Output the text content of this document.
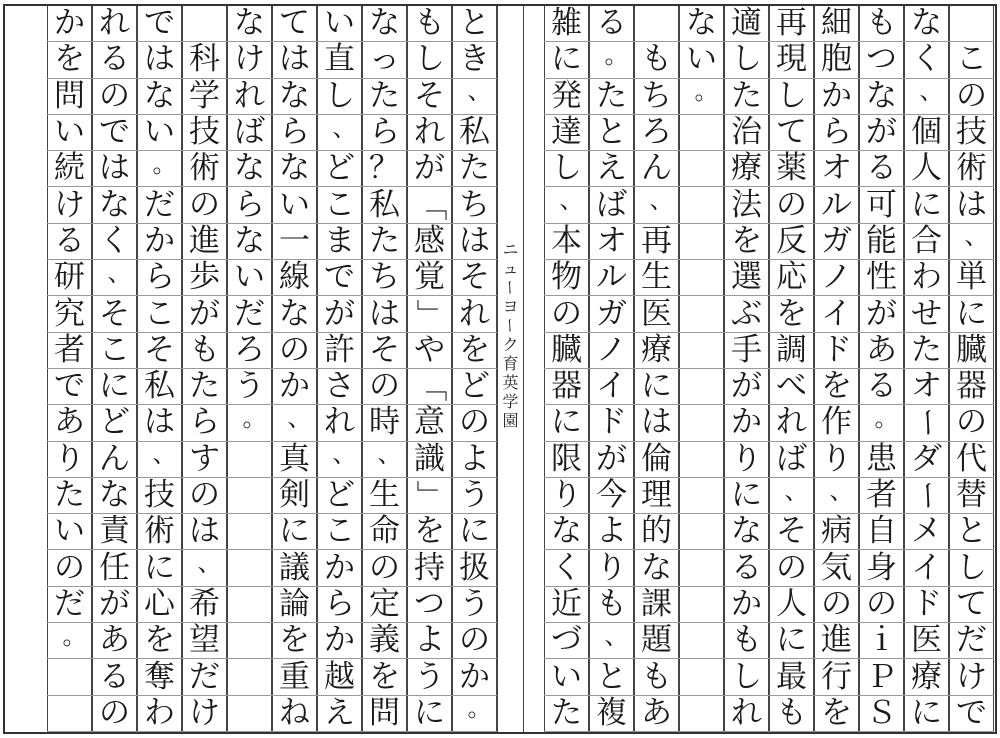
ニ
ュ
ー
ヨ
ー
ク
育
英
学
園
こ
の
技
術
は
、
単
に
臓
器
の
代
替
と
し
て
だ
け
で
な
く
、
個
人
に
合
わ
せ
た
オ
ー
ダ
ー
メ
イ
ド
医
療
に
も
つ
な
が
る
可
能
性
が
あ
る
。
患
者
自
身
の
ｉ
Ｐ
Ｓ
細
胞
か
ら
オ
ル
ガ
ノ
イ
ド
を
作
り
、
病
気
の
進
行
を
再
現
し
て
薬
の
反
応
を
調
べ
れ
ば
、
そ
の
人
に
最
も
適
し
た
治
療
法
を
選
ぶ
手
が
か
り
に
な
る
か
も
し
れ
な
い
。
も
ち
ろ
ん
、
再
生
医
療
に
は
倫
理
的
な
課
題
も
あ
る
。
た
と
え
ば
オ
ル
ガ
ノ
イ
ド
が
今
よ
り
も
、
と
複
雑
に
発
達
し
、
本
物
の
臓
器
に
限
り
な
く
近
づ
い
た
と
き
、
私
た
ち
は
そ
れ
を
ど
の
よ
う
に
扱
う
の
か
。
も
し
そ
れ
が
「
感
覚
」
や
「
意
識
」
を
持
つ
よ
う
に
な
っ
た
ら
？
私
た
ち
は
そ
の
時
、
生
命
の
定
義
を
問
い
直
し
、
ど
こ
ま
で
が
許
さ
れ
、
ど
こ
か
ら
か
越
え
て
は
な
ら
な
い
一
線
な
の
か
、
真
剣
に
議
論
を
重
ね
な
け
れ
ば
な
ら
な
い
だ
ろ
う
。
科
学
技
術
の
進
歩
が
も
た
ら
す
の
は
、
希
望
だ
け
で
は
な
い
。
だ
か
ら
こ
そ
私
は
、
技
術
に
心
を
奪
わ
れ
る
の
で
は
な
く
、
そ
こ
に
ど
ん
な
責
任
が
あ
る
の
か
を
問
い
続
け
る
研
究
者
で
あ
り
た
い
の
だ
。
